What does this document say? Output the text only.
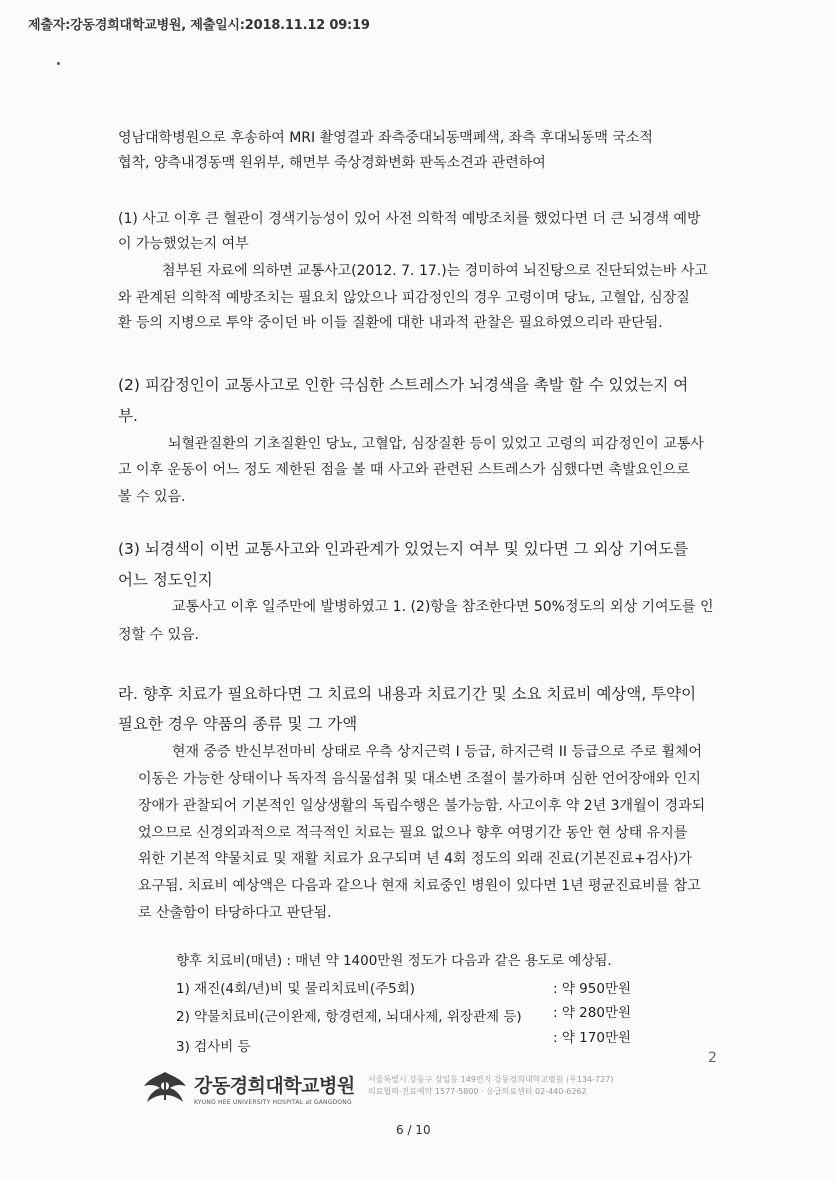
제출자:강동경희대학교병원, 제출일시:2018.11.12 09:19
영남대학병원으로 후송하여 MRI 촬영결과 좌측중대뇌동맥폐색, 좌측 후대뇌동맥 국소적
협착, 양측내경동맥 원위부, 해면부 죽상경화변화 판독소견과 관련하여
(1) 사고 이후 큰 혈관이 경색기능성이 있어 사전 의학적 예방조치를 했었다면 더 큰 뇌경색 예방
이 가능했었는지 여부
첨부된 자료에 의하면 교통사고(2012. 7. 17.)는 경미하여 뇌진탕으로 진단되었는바 사고
와 관계된 의학적 예방조치는 필요치 않았으나 피감정인의 경우 고령이며 당뇨, 고혈압, 심장질
환 등의 지병으로 투약 중이던 바 이들 질환에 대한 내과적 관찰은 필요하였으리라 판단됨.
(2) 피감정인이 교통사고로 인한 극심한 스트레스가 뇌경색을 촉발 할 수 있었는지 여
부.
뇌혈관질환의 기초질환인 당뇨, 고혈압, 심장질환 등이 있었고 고령의 피감정인이 교통사
고 이후 운동이 어느 정도 제한된 점을 볼 때 사고와 관련된 스트레스가 심했다면 촉발요인으로
볼 수 있음.
(3) 뇌경색이 이번 교통사고와 인과관계가 있었는지 여부 및 있다면 그 외상 기여도를
어느 정도인지
교통사고 이후 일주만에 발병하였고 1. (2)항을 참조한다면 50%정도의 외상 기여도를 인
정할 수 있음.
라. 향후 치료가 필요하다면 그 치료의 내용과 치료기간 및 소요 치료비 예상액, 투약이
필요한 경우 약품의 종류 및 그 가액
현재 중증 반신부전마비 상태로 우측 상지근력 I 등급, 하지근력 II 등급으로 주로 휠체어
이동은 가능한 상태이나 독자적 음식물섭취 및 대소변 조절이 불가하며 심한 언어장애와 인지
장애가 관찰되어 기본적인 일상생활의 독립수행은 불가능함. 사고이후 약 2년 3개월이 경과되
었으므로 신경외과적으로 적극적인 치료는 필요 없으나 향후 여명기간 동안 현 상태 유지를
위한 기본적 약물치료 및 재활 치료가 요구되며 년 4회 정도의 외래 진료(기본진료+검사)가
요구됨. 치료비 예상액은 다음과 같으나 현재 치료중인 병원이 있다면 1년 평균진료비를 참고
로 산출함이 타당하다고 판단됨.
향후 치료비(매년) : 매년 약 1400만원 정도가 다음과 같은 용도로 예상됨.
1) 재진(4회/년)비 및 물리치료비(주5회)	: 약 950만원
2) 약물치료비(근이완제, 항경련제, 뇌대사제, 위장관제 등) : 약 280만원
3) 검사비 등
: 약 170만원
2
강동경희대학교병원
KYUNG HEE UNIVERSITY HOSPITAL at GANGDONG
서울특별시 강동구 상일동 149번지 강동경희대학교병원 (우134-727)
의료협력·진료예약 1577-5800 · 응급의료센터 02-440-6262
6 / 10
